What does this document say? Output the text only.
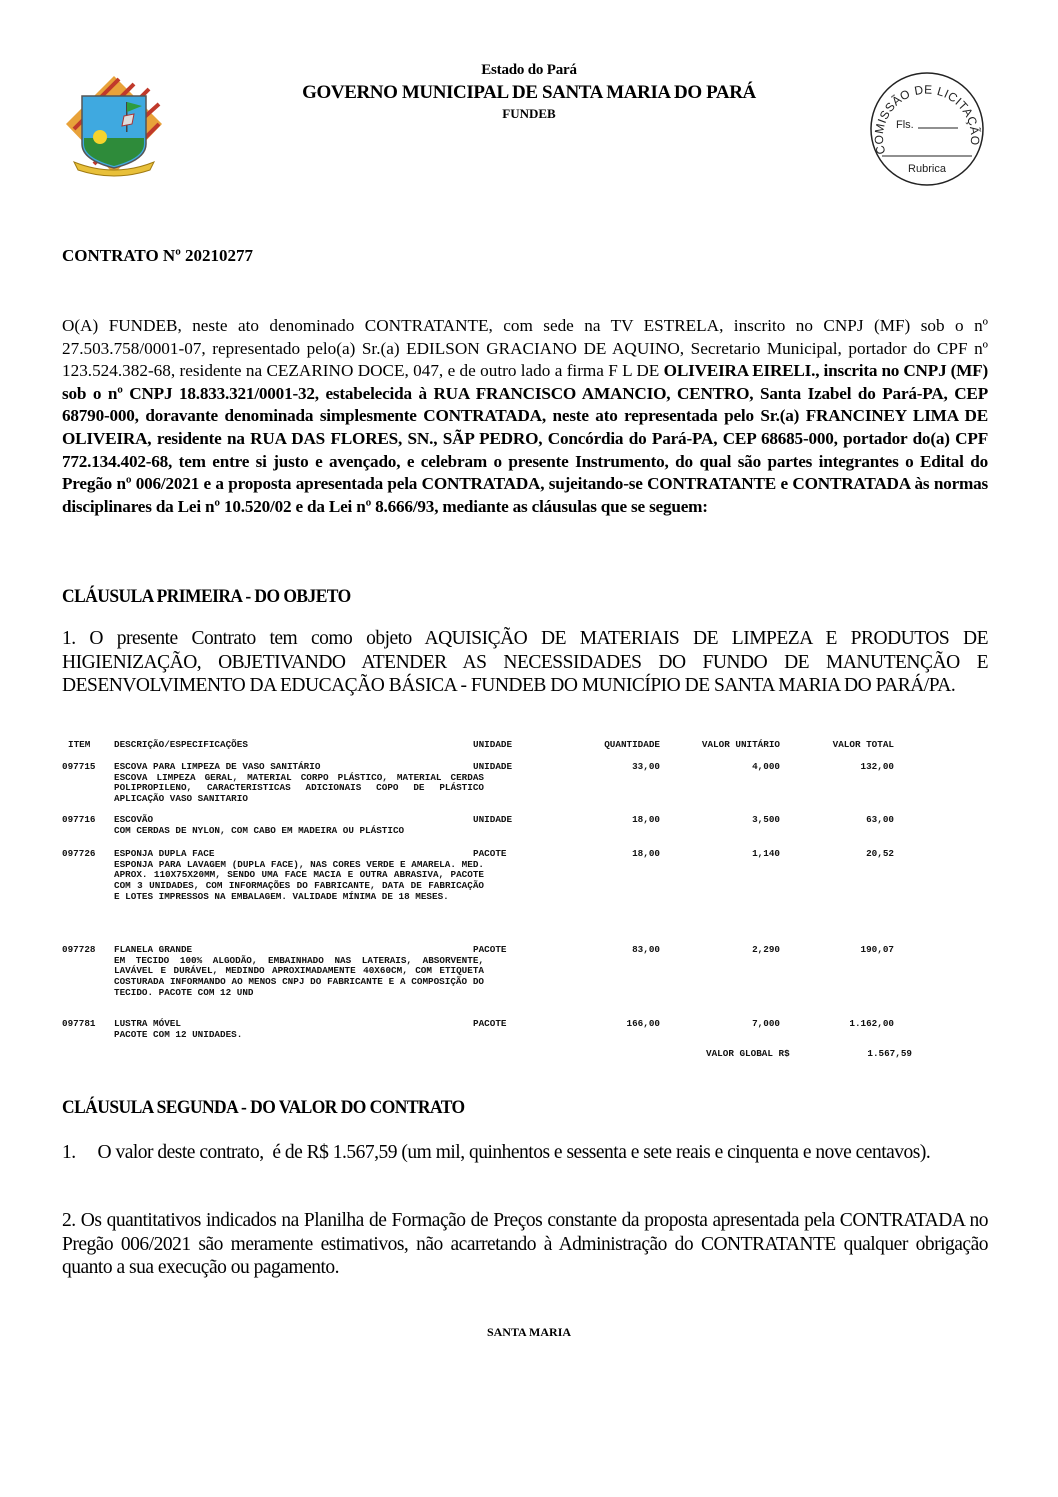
Estado do Pará
GOVERNO MUNICIPAL DE SANTA MARIA DO PARÁ
FUNDEB
COMISSÃO DE LICITAÇÃO
Fls.
Rubrica
CONTRATO Nº 20210277
O(A) FUNDEB, neste ato denominado CONTRATANTE, com sede na TV ESTRELA, inscrito no CNPJ (MF) sob o nº 27.503.758/0001-07, representado pelo(a) Sr.(a) EDILSON GRACIANO DE AQUINO, Secretario Municipal, portador do CPF nº 123.524.382-68, residente na CEZARINO DOCE, 047, e de outro lado a firma F L DE OLIVEIRA EIRELI., inscrita no CNPJ (MF) sob o nº CNPJ 18.833.321/0001-32, estabelecida à RUA FRANCISCO AMANCIO, CENTRO, Santa Izabel do Pará-PA, CEP 68790-000, doravante denominada simplesmente CONTRATADA, neste ato representada pelo Sr.(a) FRANCINEY LIMA DE OLIVEIRA, residente na RUA DAS FLORES, SN., SÃP PEDRO, Concórdia do Pará-PA, CEP 68685-000, portador do(a) CPF 772.134.402-68, tem entre si justo e avençado, e celebram o presente Instrumento, do qual são partes integrantes o Edital do Pregão nº 006/2021 e a proposta apresentada pela CONTRATADA, sujeitando-se CONTRATANTE e CONTRATADA às normas disciplinares da Lei nº 10.520/02 e da Lei nº 8.666/93, mediante as cláusulas que se seguem:
CLÁUSULA PRIMEIRA - DO OBJETO
1. O presente Contrato tem como objeto AQUISIÇÃO DE MATERIAIS DE LIMPEZA E PRODUTOS DE HIGIENIZAÇÃO, OBJETIVANDO ATENDER AS NECESSIDADES DO FUNDO DE MANUTENÇÃO E DESENVOLVIMENTO DA EDUCAÇÃO BÁSICA - FUNDEB DO MUNICÍPIO DE SANTA MARIA DO PARÁ/PA.
ITEM	DESCRIÇÃO/ESPECIFICAÇÕES	UNIDADE	QUANTIDADE	VALOR UNITÁRIO	VALOR TOTAL
097715	ESCOVA PARA LIMPEZA DE VASO SANITÁRIO
ESCOVA LIMPEZA GERAL, MATERIAL CORPO PLÁSTICO, MATERIAL CERDAS POLIPROPILENO, CARACTERISTICAS ADICIONAIS COPO DE PLÁSTICO APLICAÇÃO VASO SANITARIO
UNIDADE	33,00	4,000	132,00
097716	ESCOVÃO
COM CERDAS DE NYLON, COM CABO EM MADEIRA OU PLÁSTICO
UNIDADE	18,00	3,500	63,00
097726	ESPONJA DUPLA FACE
ESPONJA PARA LAVAGEM (DUPLA FACE), NAS CORES VERDE E AMARELA. MED. APROX. 110X75X20MM, SENDO UMA FACE MACIA E OUTRA ABRASIVA, PACOTE COM 3 UNIDADES, COM INFORMAÇÕES DO FABRICANTE, DATA DE FABRICAÇÃO E LOTES IMPRESSOS NA EMBALAGEM. VALIDADE MÍNIMA DE 18 MESES.
PACOTE	18,00	1,140	20,52
097728	FLANELA GRANDE
EM TECIDO 100% ALGODÃO, EMBAINHADO NAS LATERAIS, ABSORVENTE, LAVÁVEL E DURÁVEL, MEDINDO APROXIMADAMENTE 40X60CM, COM ETIQUETA COSTURADA INFORMANDO AO MENOS CNPJ DO FABRICANTE E A COMPOSIÇÃO DO TECIDO. PACOTE COM 12 UND
PACOTE	83,00	2,290	190,07
097781	LUSTRA MÓVEL
PACOTE COM 12 UNIDADES.
PACOTE	166,00	7,000	1.162,00
VALOR GLOBAL R$	1.567,59
CLÁUSULA SEGUNDA - DO VALOR DO CONTRATO
1.     O valor deste contrato,  é de R$ 1.567,59 (um mil, quinhentos e sessenta e sete reais e cinquenta e nove centavos).
2. Os quantitativos indicados na Planilha de Formação de Preços constante da proposta apresentada pela CONTRATADA no Pregão 006/2021 são meramente estimativos, não acarretando à Administração do CONTRATANTE qualquer obrigação quanto a sua execução ou pagamento.
SANTA MARIA
